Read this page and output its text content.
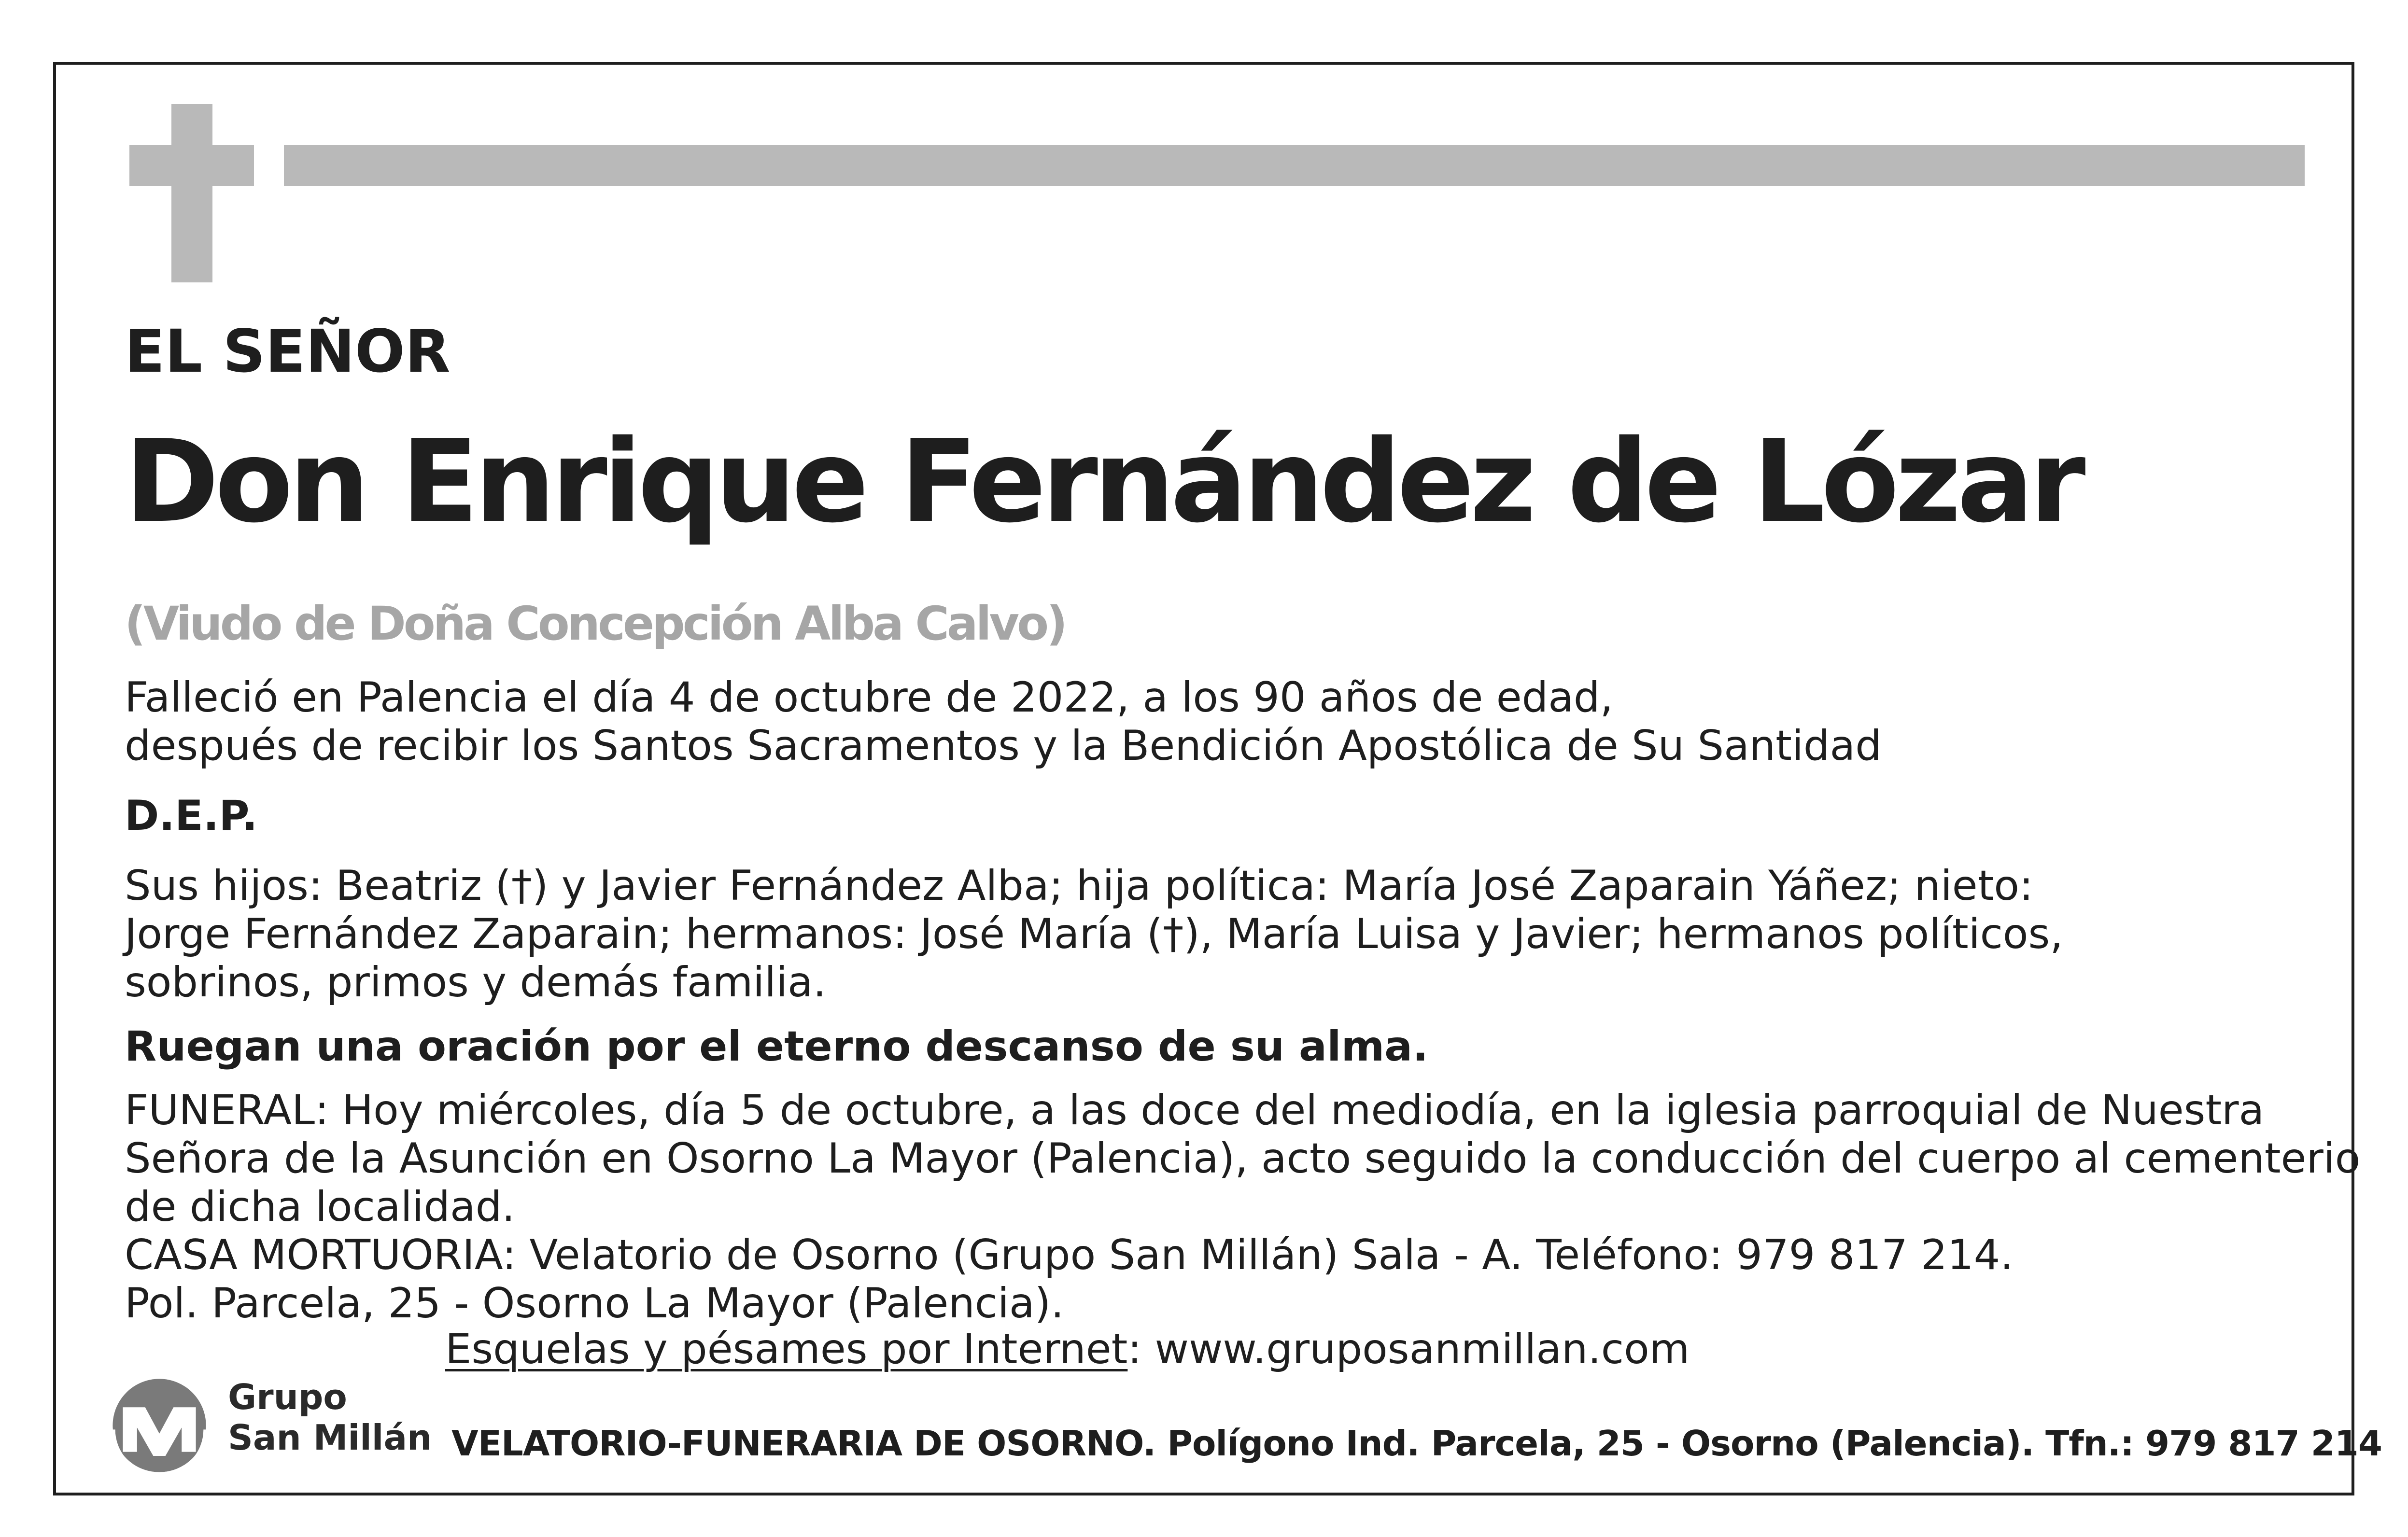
EL SEÑOR
Don Enrique Fernández de Lózar
(Viudo de Doña Concepción Alba Calvo)
Falleció en Palencia el día 4 de octubre de 2022, a los 90 años de edad,
después de recibir los Santos Sacramentos y la Bendición Apostólica de Su Santidad
D.E.P.
Sus hijos: Beatriz (†) y Javier Fernández Alba; hija política: María José Zaparain Yáñez; nieto:
Jorge Fernández Zaparain; hermanos: José María (†), María Luisa y Javier; hermanos políticos,
sobrinos, primos y demás familia.
Ruegan una oración por el eterno descanso de su alma.
FUNERAL: Hoy miércoles, día 5 de octubre, a las doce del mediodía, en la iglesia parroquial de Nuestra
Señora de la Asunción en Osorno La Mayor (Palencia), acto seguido la conducción del cuerpo al cementerio
de dicha localidad.
CASA MORTUORIA: Velatorio de Osorno (Grupo San Millán) Sala - A. Teléfono: 979 817 214.
Pol. Parcela, 25 - Osorno La Mayor (Palencia).
Esquelas y pésames por Internet: www.gruposanmillan.com
Grupo
San Millán VELATORIO-FUNERARIA DE OSORNO. Polígono Ind. Parcela, 25 - Osorno (Palencia). Tfn.: 979 817 214
